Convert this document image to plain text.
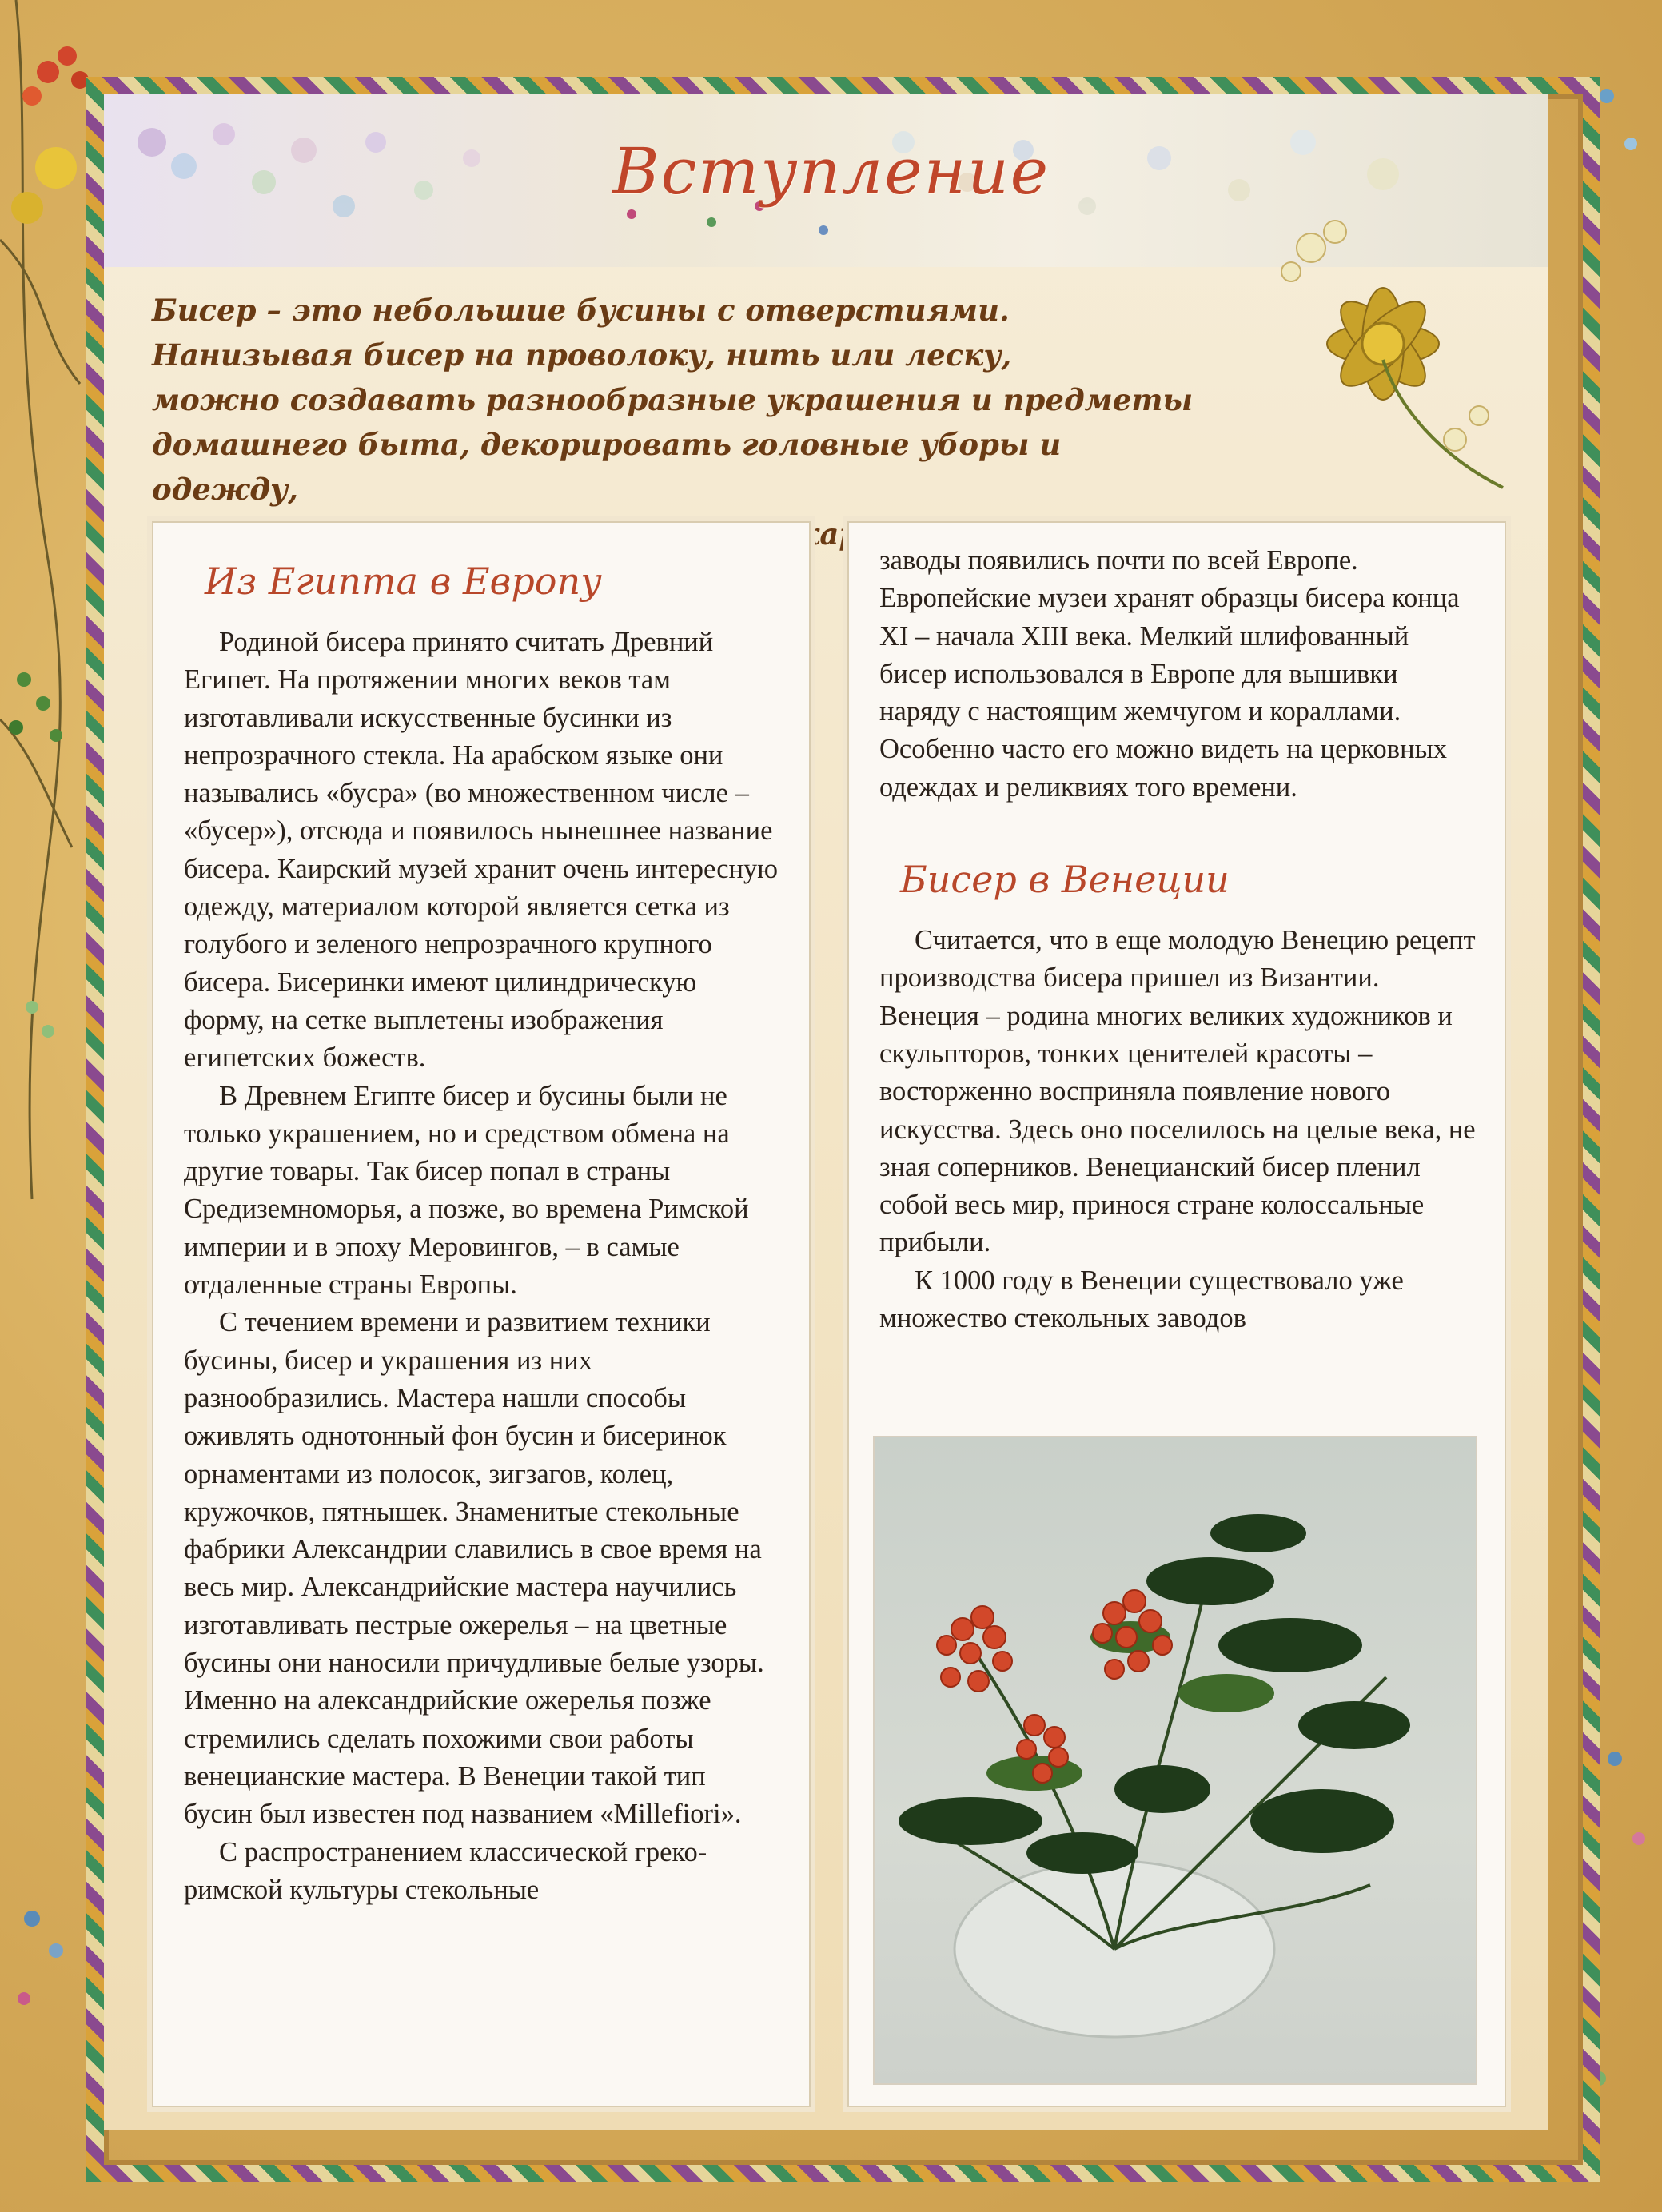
Вступление
Бисер – это небольшие бусины с отверстиями.
Нанизывая бисер на проволоку, нить или леску,
можно создавать разнообразные украшения и предметы
домашнего быта, декорировать головные уборы и одежду,
Из Египта в Европу

Родиной бисера принято считать Древний Египет. На протяжении многих веков там изготавливали искусственные бусинки из непрозрачного стекла. На арабском языке они назывались «бусра» (во множественном числе – «бусер»), отсюда и появилось нынешнее название бисера. Каирский музей хранит очень интересную одежду, материалом которой является сетка из голубого и зеленого непрозрачного крупного бисера. Бисеринки имеют цилиндрическую форму, на сетке выплетены изображения египетских божеств.

В Древнем Египте бисер и бусины были не только украшением, но и средством обмена на другие товары. Так бисер попал в страны Средиземноморья, а позже, во времена Римской империи и в эпоху Меровингов, – в самые отдаленные страны Европы.

С течением времени и развитием техники бусины, бисер и украшения из них разнообразились. Мастера нашли способы оживлять однотонный фон бусин и бисеринок орнаментами из полосок, зигзагов, колец, кружочков, пятнышек. Знаменитые стекольные фабрики Александрии славились в свое время на весь мир. Александрийские мастера научились изготавливать пестрые ожерелья – на цветные бусины они наносили причудливые белые узоры. Именно на александрийские ожерелья позже стремились сделать похожими свои работы венецианские мастера. В Венеции такой тип бусин был известен под названием «Millefiori».

С распространением классической греко-римской культуры стекольные

заводы появились почти по всей Европе. Европейские музеи хранят образцы бисера конца XI – начала XIII века. Мелкий шлифованный бисер использовался в Европе для вышивки наряду с настоящим жемчугом и кораллами. Особенно часто его можно видеть на церковных одеждах и реликвиях того времени.

Бисер в Венеции

Считается, что в еще молодую Венецию рецепт производства бисера пришел из Византии. Венеция – родина многих великих художников и скульпторов, тонких ценителей красоты – восторженно восприняла появление нового искусства. Здесь оно поселилось на целые века, не зная соперников. Венецианский бисер пленил собой весь мир, принося стране колоссальные прибыли.

К 1000 году в Венеции существовало уже множество стекольных заводов
